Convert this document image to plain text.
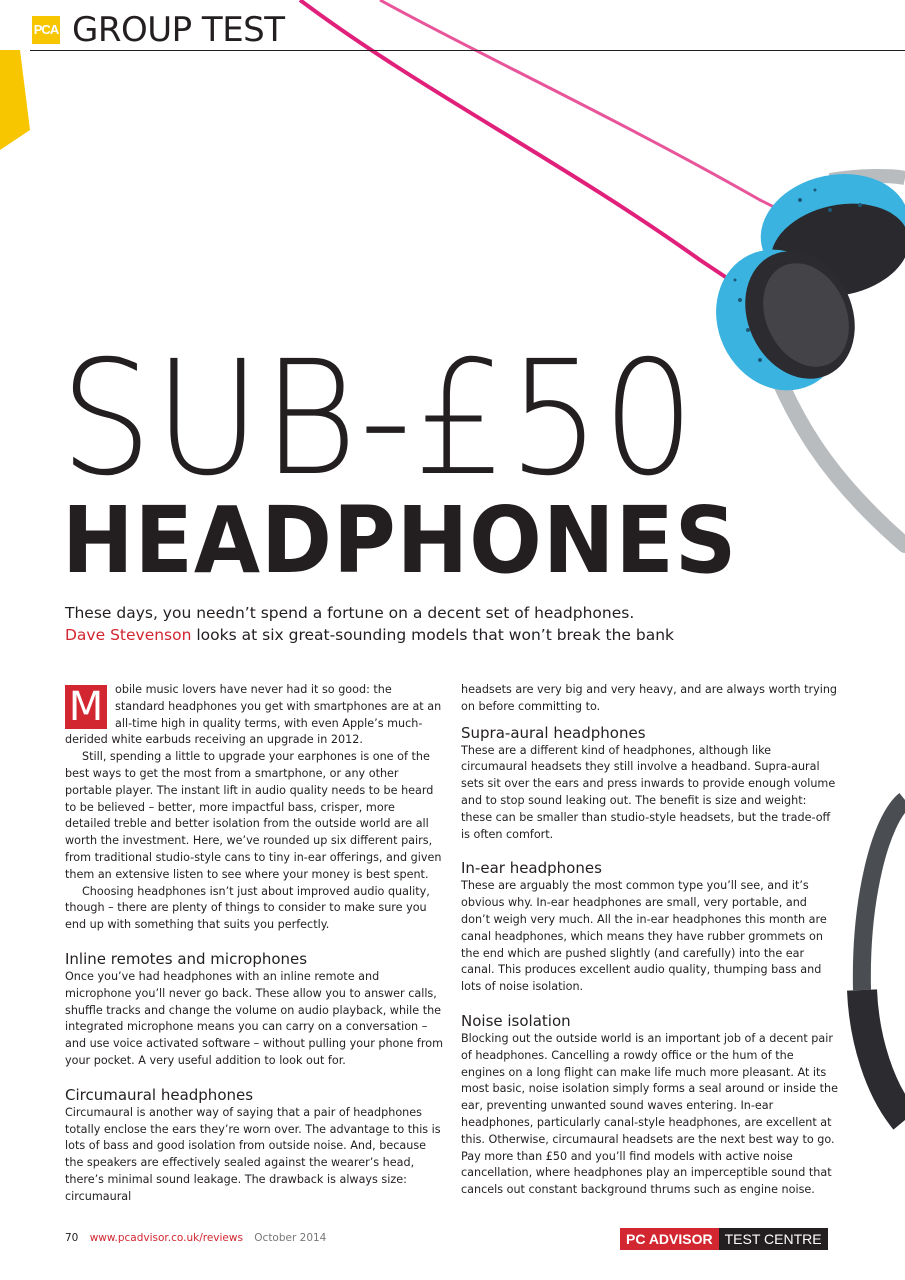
PCA GROUP TEST
SUB-£50
HEADPHONES
These days, you needn’t spend a fortune on a decent set of headphones.
Dave Stevenson looks at six great-sounding models that won’t break the bank

M	obile music lovers have never had it so good: the standard headphones you get with smartphones are at an all-time high in quality terms, with even Apple’s much-derided white earbuds receiving an upgrade in 2012.

Still, spending a little to upgrade your earphones is one of the best ways to get the most from a smartphone, or any other portable player. The instant lift in audio quality needs to be heard to be believed – better, more impactful bass, crisper, more detailed treble and better isolation from the outside world are all worth the investment. Here, we’ve rounded up six different pairs, from traditional studio-style cans to tiny in-ear offerings, and given them an extensive listen to see where your money is best spent.

Choosing headphones isn’t just about improved audio quality, though – there are plenty of things to consider to make sure you end up with something that suits you perfectly.

Inline remotes and microphones

Once you’ve had headphones with an inline remote and microphone you’ll never go back. These allow you to answer calls, shuffle tracks and change the volume on audio playback, while the integrated microphone means you can carry on a conversation – and use voice activated software – without pulling your phone from your pocket. A very useful addition to look out for.

Circumaural headphones

Circumaural is another way of saying that a pair of headphones totally enclose the ears they’re worn over. The advantage to this is lots of bass and good isolation from outside noise. And, because the speakers are effectively sealed against the wearer’s head, there’s minimal sound leakage. The drawback is always size: circumaural

headsets are very big and very heavy, and are always worth trying on before committing to.

Supra-aural headphones

These are a different kind of headphones, although like circumaural headsets they still involve a headband. Supra-aural sets sit over the ears and press inwards to provide enough volume and to stop sound leaking out. The benefit is size and weight: these can be smaller than studio-style headsets, but the trade-off is often comfort.

In-ear headphones

These are arguably the most common type you’ll see, and it’s obvious why. In-ear headphones are small, very portable, and don’t weigh very much. All the in-ear headphones this month are canal headphones, which means they have rubber grommets on the end which are pushed slightly (and carefully) into the ear canal. This produces excellent audio quality, thumping bass and lots of noise isolation.

Noise isolation

Blocking out the outside world is an important job of a decent pair of headphones. Cancelling a rowdy office or the hum of the engines on a long flight can make life much more pleasant. At its most basic, noise isolation simply forms a seal around or inside the ear, preventing unwanted sound waves entering. In-ear headphones, particularly canal-style headphones, are excellent at this. Otherwise, circumaural headsets are the next best way to go. Pay more than £50 and you’ll find models with active noise cancellation, where headphones play an imperceptible sound that cancels out constant background thrums such as engine noise.

70 www.pcadvisor.co.uk/reviews October 2014	PC ADVISOR TEST CENTRE
